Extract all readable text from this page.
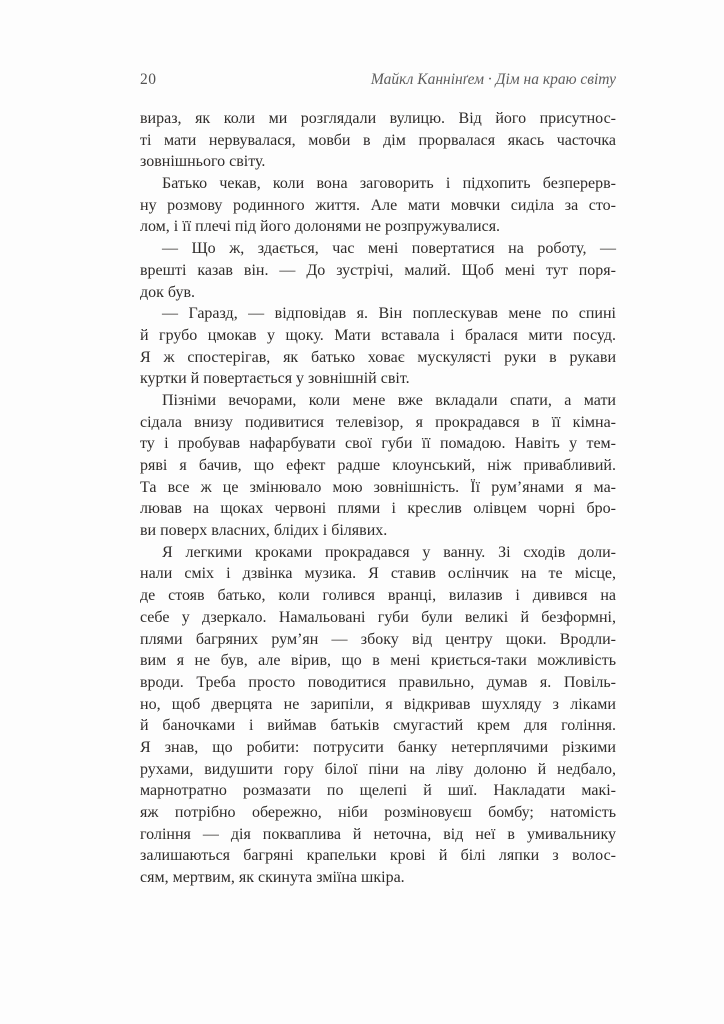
20	Майкл Каннінґем · Дім на краю світу

вираз, як коли ми розглядали вулицю. Від його присутнос-
ті мати нервувалася, мовби в дім прорвалася якась часточка
зовнішнього світу.

Батько чекав, коли вона заговорить і підхопить безперерв-
ну розмову родинного життя. Але мати мовчки сиділа за сто-
лом, і її плечі під його долонями не розпружувалися.

— Що ж, здається, час мені повертатися на роботу, —
врешті казав він. — До зустрічі, малий. Щоб мені тут поря-
док був.

— Гаразд, — відповідав я. Він поплескував мене по спині
й грубо цмокав у щоку. Мати вставала і бралася мити посуд.
Я ж спостерігав, як батько ховає мускулясті руки в рукави
куртки й повертається у зовнішній світ.

Пізніми вечорами, коли мене вже вкладали спати, а мати
сідала внизу подивитися телевізор, я прокрадався в її кімна-
ту і пробував нафарбувати свої губи її помадою. Навіть у тем-
ряві я бачив, що ефект радше клоунський, ніж привабливий.
Та все ж це змінювало мою зовнішність. Її рум’янами я ма-
лював на щоках червоні плями і креслив олівцем чорні бро-
ви поверх власних, блідих і білявих.

Я легкими кроками прокрадався у ванну. Зі сходів доли-
нали сміх і дзвінка музика. Я ставив ослінчик на те місце,
де стояв батько, коли голився вранці, вилазив і дивився на
себе у дзеркало. Намальовані губи були великі й безформні,
плями багряних рум’ян — збоку від центру щоки. Вродли-
вим я не був, але вірив, що в мені криється-таки можливість
вроди. Треба просто поводитися правильно, думав я. Повіль-
но, щоб дверцята не зарипіли, я відкривав шухляду з ліками
й баночками і виймав батьків смугастий крем для гоління.
Я знав, що робити: потрусити банку нетерплячими різкими
рухами, видушити гору білої піни на ліву долоню й недбало,
марнотратно розмазати по щелепі й шиї. Накладати макі-
яж потрібно обережно, ніби розміновуєш бомбу; натомість
гоління — дія покваплива й неточна, від неї в умивальнику
залишаються багряні крапельки крові й білі ляпки з волос-
сям, мертвим, як скинута зміїна шкіра.
